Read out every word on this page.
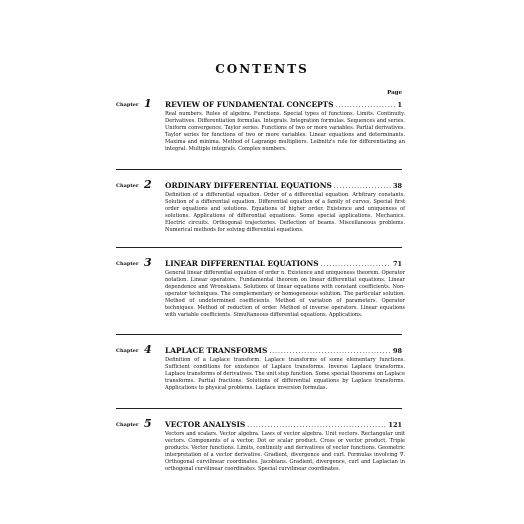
CONTENTS
Page
Chapter 1 REVIEW OF FUNDAMENTAL CONCEPTS .....	1
Real numbers. Rules of algebra. Functions. Special types of functions. Limits. Continuity. Derivatives. Differentiation formulas. Integrals. Integration formulas. Sequences and series. Uniform convergence. Taylor series. Functions of two or more variables. Partial derivatives. Taylor series for functions of two or more variables. Linear equations and determinants. Maxima and minima. Method of Lagrange multipliers. Leibnitz's rule for differentiating an integral. Multiple integrals. Complex numbers.
Chapter 2 ORDINARY DIFFERENTIAL EQUATIONS .....	38
Definition of a differential equation. Order of a differential equation. Arbitrary constants. Solution of a differential equation. Differential equation of a family of curves. Special first order equations and solutions. Equations of higher order. Existence and uniqueness of solutions. Applications of differential equations. Some special applications. Mechanics. Electric circuits. Orthogonal trajectories. Deflection of beams. Miscellaneous problems. Numerical methods for solving differential equations.
Chapter 3 LINEAR DIFFERENTIAL EQUATIONS .....	71
General linear differential equation of order n. Existence and uniqueness theorem. Operator notation. Linear operators. Fundamental theorem on linear differential equations. Linear dependence and Wronskians. Solutions of linear equations with constant coefficients. Non-operator techniques. The complementary or homogeneous solution. The particular solution. Method of undetermined coefficients. Method of variation of parameters. Operator techniques. Method of reduction of order. Method of inverse operators. Linear equations with variable coefficients. Simultaneous differential equations. Applications.
Chapter 4 LAPLACE TRANSFORMS .....	98
Definition of a Laplace transform. Laplace transforms of some elementary functions. Sufficient conditions for existence of Laplace transforms. Inverse Laplace transforms. Laplace transforms of derivatives. The unit step function. Some special theorems on Laplace transforms. Partial fractions. Solutions of differential equations by Laplace transforms. Applications to physical problems. Laplace inversion formulas.
Chapter 5 VECTOR ANALYSIS .....	121
Vectors and scalars. Vector algebra. Laws of vector algebra. Unit vectors. Rectangular unit vectors. Components of a vector. Dot or scalar product. Cross or vector product. Triple products. Vector functions. Limits, continuity and derivatives of vector functions. Geometric interpretation of a vector derivative. Gradient, divergence and curl. Formulas involving ∇. Orthogonal curvilinear coordinates. Jacobians. Gradient, divergence, curl and Laplacian in orthogonal curvilinear coordinates. Special curvilinear coordinates.
